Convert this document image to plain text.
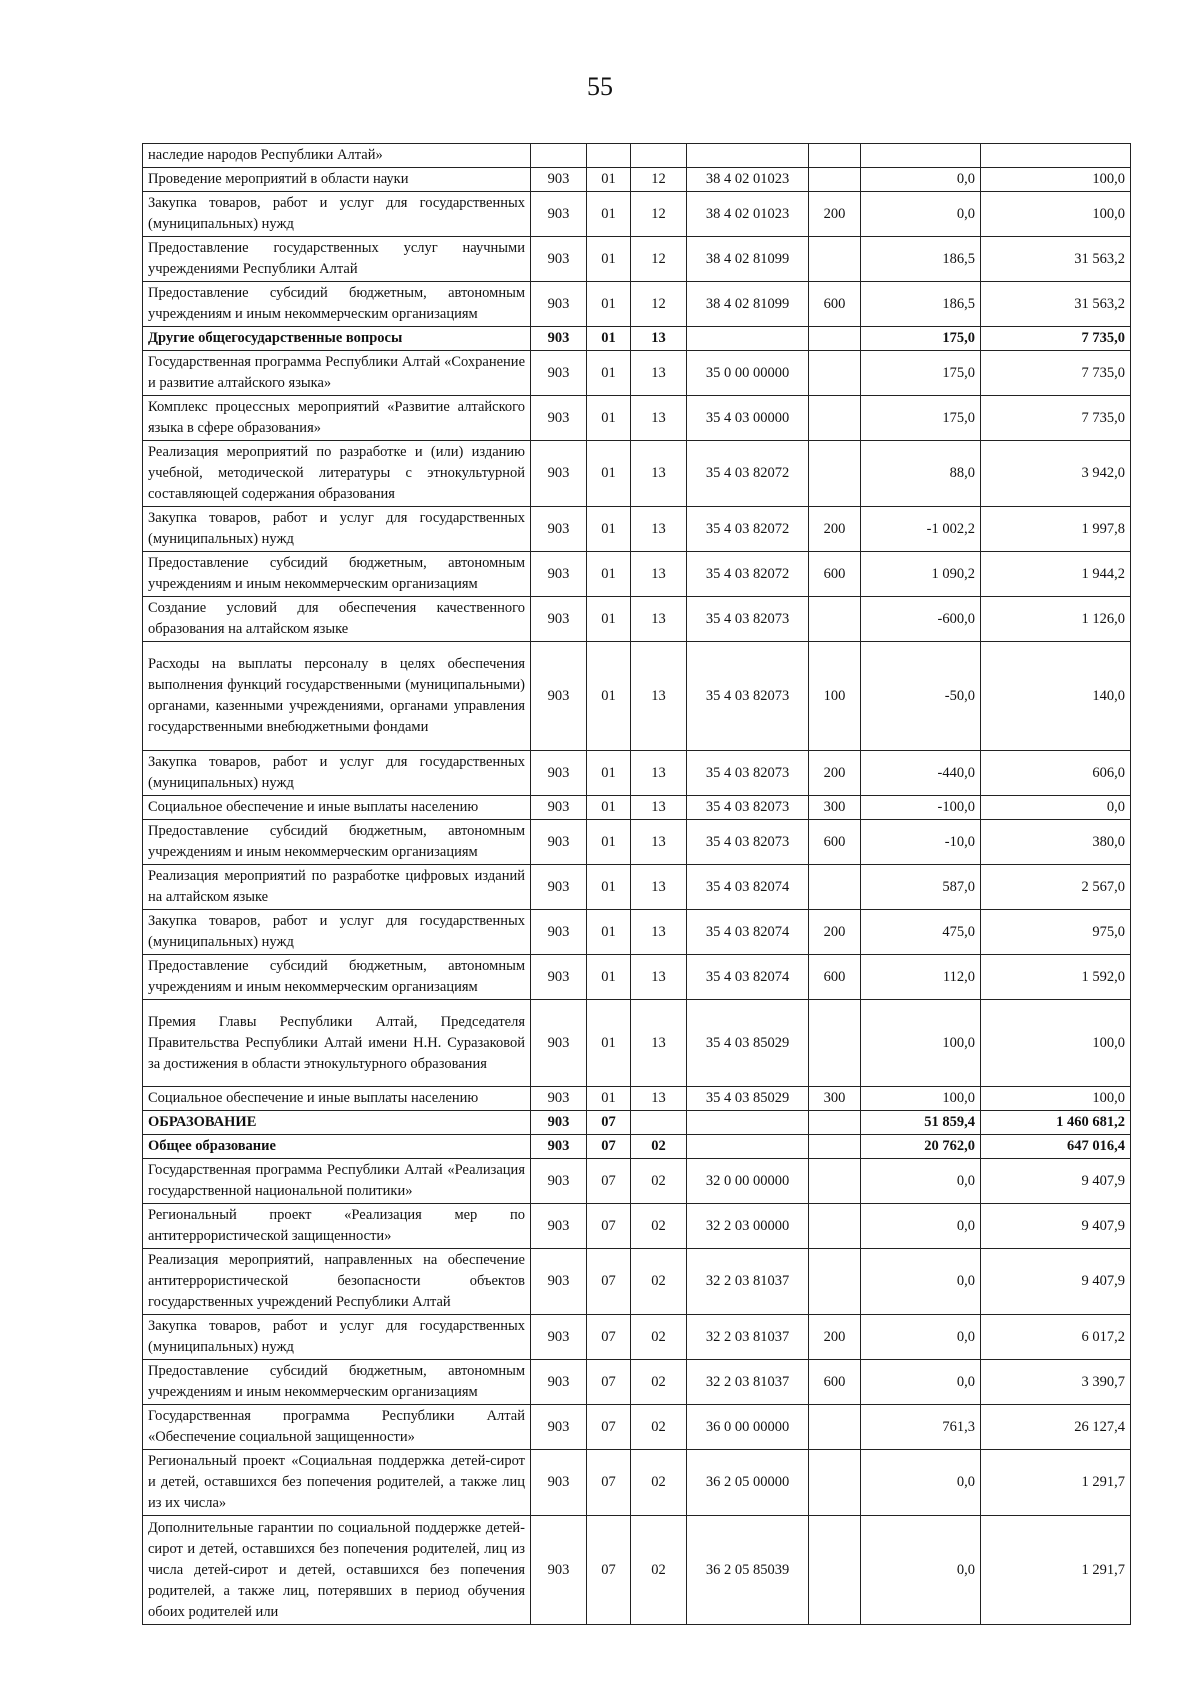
55
наследие народов Республики Алтай»							
Проведение мероприятий в области науки	903	01	12	38 4 02 01023		0,0	100,0
Закупка товаров, работ и услуг для государственных (муниципальных) нужд	903	01	12	38 4 02 01023	200	0,0	100,0
Предоставление государственных услуг научными учреждениями Республики Алтай	903	01	12	38 4 02 81099		186,5	31 563,2
Предоставление субсидий бюджетным, автономным учреждениям и иным некоммерческим организациям	903	01	12	38 4 02 81099	600	186,5	31 563,2
Другие общегосударственные вопросы	903	01	13			175,0	7 735,0
Государственная программа Республики Алтай «Сохранение и развитие алтайского языка»	903	01	13	35 0 00 00000		175,0	7 735,0
Комплекс процессных мероприятий «Развитие алтайского языка в сфере образования»	903	01	13	35 4 03 00000		175,0	7 735,0
Реализация мероприятий по разработке и (или) изданию учебной, методической литературы с этнокультурной составляющей содержания образования	903	01	13	35 4 03 82072		88,0	3 942,0
Закупка товаров, работ и услуг для государственных (муниципальных) нужд	903	01	13	35 4 03 82072	200	-1 002,2	1 997,8
Предоставление субсидий бюджетным, автономным учреждениям и иным некоммерческим организациям	903	01	13	35 4 03 82072	600	1 090,2	1 944,2
Создание условий для обеспечения качественного образования на алтайском языке	903	01	13	35 4 03 82073		-600,0	1 126,0
Расходы на выплаты персоналу в целях обеспечения выполнения функций государственными (муниципальными) органами, казенными учреждениями, органами управления государственными внебюджетными фондами	903	01	13	35 4 03 82073	100	-50,0	140,0
Закупка товаров, работ и услуг для государственных (муниципальных) нужд	903	01	13	35 4 03 82073	200	-440,0	606,0
Социальное обеспечение и иные выплаты населению	903	01	13	35 4 03 82073	300	-100,0	0,0
Предоставление субсидий бюджетным, автономным учреждениям и иным некоммерческим организациям	903	01	13	35 4 03 82073	600	-10,0	380,0
Реализация мероприятий по разработке цифровых изданий на алтайском языке	903	01	13	35 4 03 82074		587,0	2 567,0
Закупка товаров, работ и услуг для государственных (муниципальных) нужд	903	01	13	35 4 03 82074	200	475,0	975,0
Предоставление субсидий бюджетным, автономным учреждениям и иным некоммерческим организациям	903	01	13	35 4 03 82074	600	112,0	1 592,0
Премия Главы Республики Алтай, Председателя Правительства Республики Алтай имени Н.Н. Суразаковой за достижения в области этнокультурного образования	903	01	13	35 4 03 85029		100,0	100,0
Социальное обеспечение и иные выплаты населению	903	01	13	35 4 03 85029	300	100,0	100,0
ОБРАЗОВАНИЕ	903	07				51 859,4	1 460 681,2
Общее образование	903	07	02			20 762,0	647 016,4
Государственная программа Республики Алтай «Реализация государственной национальной политики»	903	07	02	32 0 00 00000		0,0	9 407,9
Региональный проект «Реализация мер по антитеррористической защищенности»	903	07	02	32 2 03 00000		0,0	9 407,9
Реализация мероприятий, направленных на обеспечение антитеррористической безопасности объектов государственных учреждений Республики Алтай	903	07	02	32 2 03 81037		0,0	9 407,9
Закупка товаров, работ и услуг для государственных (муниципальных) нужд	903	07	02	32 2 03 81037	200	0,0	6 017,2
Предоставление субсидий бюджетным, автономным учреждениям и иным некоммерческим организациям	903	07	02	32 2 03 81037	600	0,0	3 390,7
Государственная программа Республики Алтай «Обеспечение социальной защищенности»	903	07	02	36 0 00 00000		761,3	26 127,4
Региональный проект «Социальная поддержка детей-сирот и детей, оставшихся без попечения родителей, а также лиц из их числа»	903	07	02	36 2 05 00000		0,0	1 291,7
Дополнительные гарантии по социальной поддержке детей-сирот и детей, оставшихся без попечения родителей, лиц из числа детей-сирот и детей, оставшихся без попечения родителей, а также лиц, потерявших в период обучения обоих родителей или	903	07	02	36 2 05 85039		0,0	1 291,7
